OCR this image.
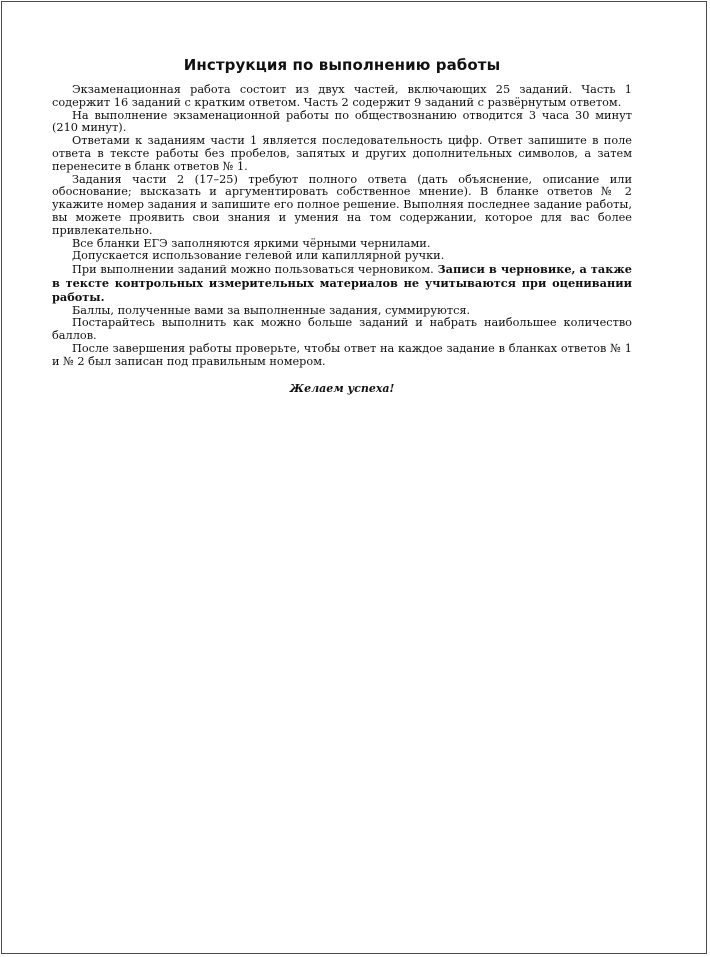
Инструкция по выполнению работы

Экзаменационная работа состоит из двух частей, включающих 25 заданий. Часть 1 содержит 16 заданий с кратким ответом. Часть 2 содержит 9 заданий с развёрнутым ответом.

На выполнение экзаменационной работы по обществознанию отводится 3 часа 30 минут (210 минут).

Ответами к заданиям части 1 является последовательность цифр. Ответ запишите в поле ответа в тексте работы без пробелов, запятых и других дополнительных символов, а затем перенесите в бланк ответов № 1.

Задания части 2 (17–25) требуют полного ответа (дать объяснение, описание или обоснование; высказать и аргументировать собственное мнение). В бланке ответов № 2 укажите номер задания и запишите его полное решение. Выполняя последнее задание работы, вы можете проявить свои знания и умения на том содержании, которое для вас более привлекательно.

Все бланки ЕГЭ заполняются яркими чёрными чернилами.

Допускается использование гелевой или капиллярной ручки.

При выполнении заданий можно пользоваться черновиком. Записи в черновике, а также в тексте контрольных измерительных материалов не учитываются при оценивании работы.

Баллы, полученные вами за выполненные задания, суммируются.

Постарайтесь выполнить как можно больше заданий и набрать наибольшее количество баллов.

После завершения работы проверьте, чтобы ответ на каждое задание в бланках ответов № 1 и № 2 был записан под правильным номером.

Желаем успеха!
